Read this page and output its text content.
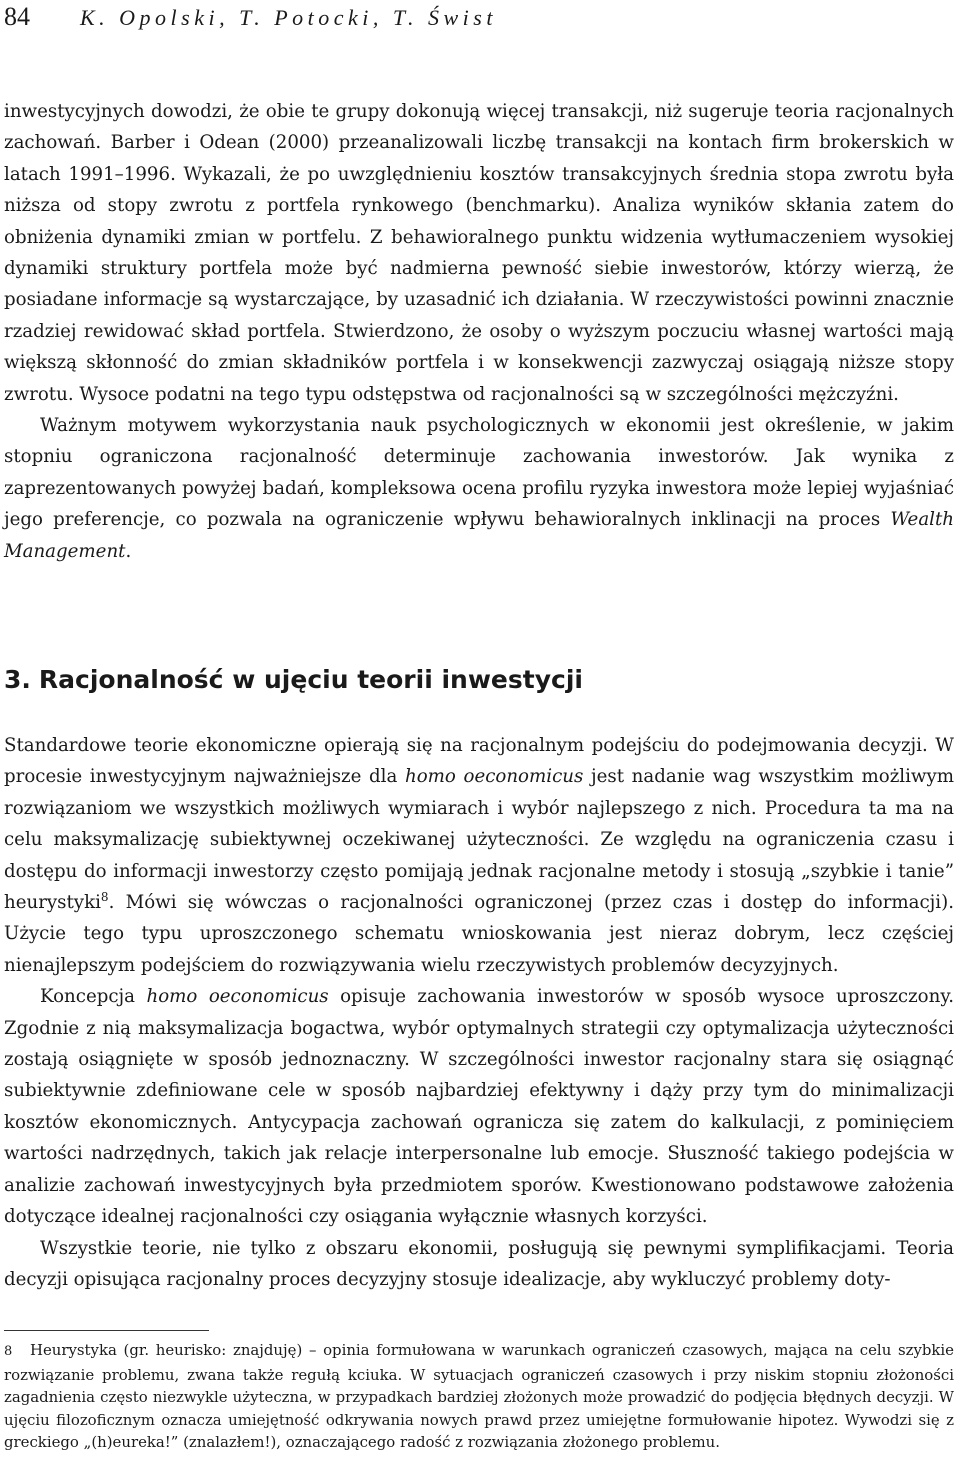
84 K. Opolski, T. Potocki, T. Świst

inwestycyjnych dowodzi, że obie te grupy dokonują więcej transakcji, niż sugeruje teoria racjonalnych zachowań. Barber i Odean (2000) przeanalizowali liczbę transakcji na kontach firm brokerskich w latach 1991–1996. Wykazali, że po uwzględnieniu kosztów transakcyjnych średnia stopa zwrotu była niższa od stopy zwrotu z portfela rynkowego (benchmarku). Analiza wyników skłania zatem do obniżenia dynamiki zmian w portfelu. Z behawioralnego punktu widzenia wytłumaczeniem wysokiej dynamiki struktury portfela może być nadmierna pewność siebie inwestorów, którzy wierzą, że posiadane informacje są wystarczające, by uzasadnić ich działania. W rzeczywistości powinni znacznie rzadziej rewidować skład portfela. Stwierdzono, że osoby o wyższym poczuciu własnej wartości mają większą skłonność do zmian składników portfela i w konsekwencji zazwyczaj osiągają niższe stopy zwrotu. Wysoce podatni na tego typu odstępstwa od racjonalności są w szczególności mężczyźni.

Ważnym motywem wykorzystania nauk psychologicznych w ekonomii jest określenie, w jakim stopniu ograniczona racjonalność determinuje zachowania inwestorów. Jak wynika z zaprezentowanych powyżej badań, kompleksowa ocena profilu ryzyka inwestora może lepiej wyjaśniać jego preferencje, co pozwala na ograniczenie wpływu behawioralnych inklinacji na proces Wealth Management.

3. Racjonalność w ujęciu teorii inwestycji

Standardowe teorie ekonomiczne opierają się na racjonalnym podejściu do podejmowania decyzji. W procesie inwestycyjnym najważniejsze dla homo oeconomicus jest nadanie wag wszystkim możliwym rozwiązaniom we wszystkich możliwych wymiarach i wybór najlepszego z nich. Procedura ta ma na celu maksymalizację subiektywnej oczekiwanej użyteczności. Ze względu na ograniczenia czasu i dostępu do informacji inwestorzy często pomijają jednak racjonalne metody i stosują „szybkie i tanie” heurystyki$^8$. Mówi się wówczas o racjonalności ograniczonej (przez czas i dostęp do informacji). Użycie tego typu uproszczonego schematu wnioskowania jest nieraz dobrym, lecz częściej nienajlepszym podejściem do rozwiązywania wielu rzeczywistych problemów decyzyjnych.

Koncepcja homo oeconomicus opisuje zachowania inwestorów w sposób wysoce uproszczony. Zgodnie z nią maksymalizacja bogactwa, wybór optymalnych strategii czy optymalizacja użyteczności zostają osiągnięte w sposób jednoznaczny. W szczególności inwestor racjonalny stara się osiągnąć subiektywnie zdefiniowane cele w sposób najbardziej efektywny i dąży przy tym do minimalizacji kosztów ekonomicznych. Antycypacja zachowań ogranicza się zatem do kalkulacji, z pominięciem wartości nadrzędnych, takich jak relacje interpersonalne lub emocje. Słuszność takiego podejścia w analizie zachowań inwestycyjnych była przedmiotem sporów. Kwestionowano podstawowe założenia dotyczące idealnej racjonalności czy osiągania wyłącznie własnych korzyści.

Wszystkie teorie, nie tylko z obszaru ekonomii, posługują się pewnymi symplifikacjami. Teoria decyzji opisująca racjonalny proces decyzyjny stosuje idealizacje, aby wykluczyć problemy doty-

8 Heurystyka (gr. heurisko: znajduję) – opinia formułowana w warunkach ograniczeń czasowych, mająca na celu szybkie rozwiązanie problemu, zwana także regułą kciuka. W sytuacjach ograniczeń czasowych i przy niskim stopniu złożoności zagadnienia często niezwykle użyteczna, w przypadkach bardziej złożonych może prowadzić do podjęcia błędnych decyzji. W ujęciu filozoficznym oznacza umiejętność odkrywania nowych prawd przez umiejętne formułowanie hipotez. Wywodzi się z greckiego „(h)eureka!” (znalazłem!), oznaczającego radość z rozwiązania złożonego problemu.
